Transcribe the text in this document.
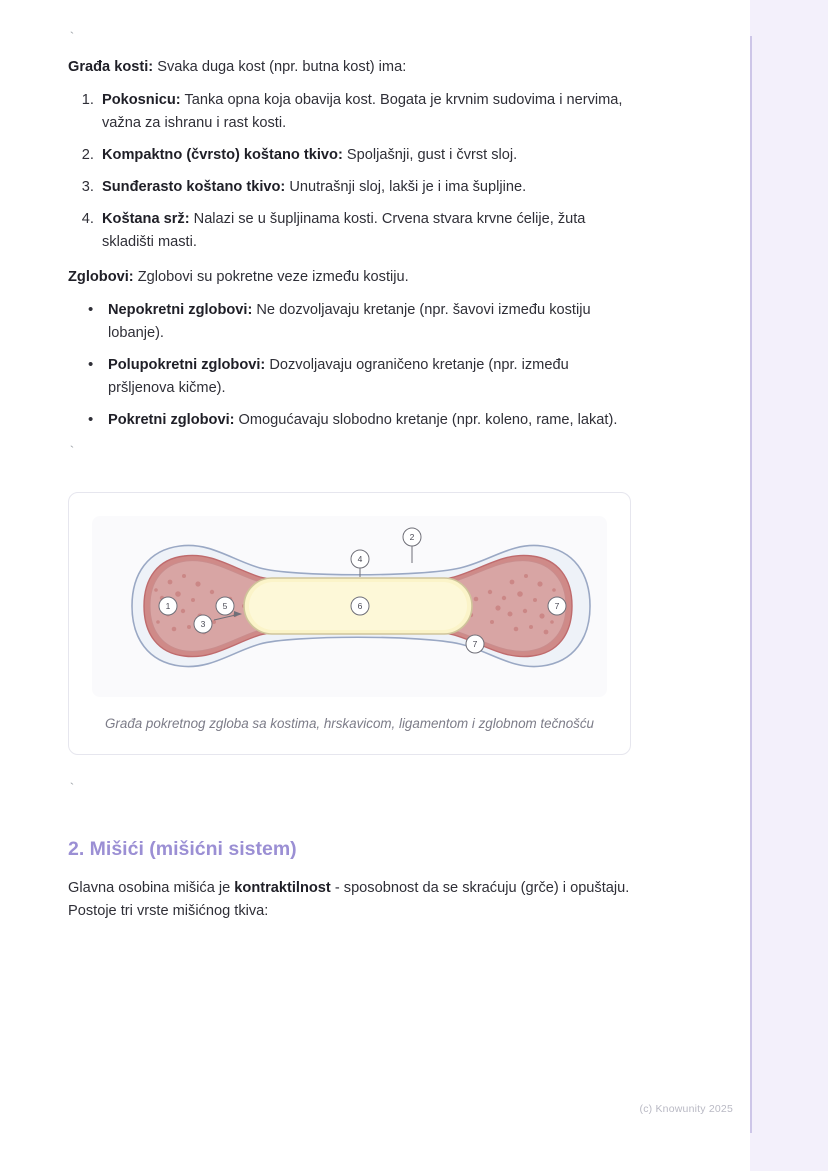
`

Građa kosti: Svaka duga kost (npr. butna kost) ima:

1. Pokosnicu: Tanka opna koja obavija kost. Bogata je krvnim sudovima i nervima, važna za ishranu i rast kosti.
2. Kompaktno (čvrsto) koštano tkivo: Spoljašnji, gust i čvrst sloj.
3. Sunđerasto koštano tkivo: Unutrašnji sloj, lakši je i ima šupljine.
4. Koštana srž: Nalazi se u šupljinama kosti. Crvena stvara krvne ćelije, žuta skladišti masti.

Zglobovi: Zglobovi su pokretne veze između kostiju.

• Nepokretni zglobovi: Ne dozvoljavaju kretanje (npr. šavovi između kostiju lobanje).
• Polupokretni zglobovi: Dozvoljavaju ograničeno kretanje (npr. između pršljenova kičme).
• Pokretni zglobovi: Omogućavaju slobodno kretanje (npr. koleno, rame, lakat).
`
1
2
3
4
5	6	7
7
Građa pokretnog zgloba sa kostima, hrskavicom, ligamentom i zglobnom tečnošću
`
2. Mišići (mišićni sistem)

Glavna osobina mišića je kontraktilnost - sposobnost da se skraćuju (grče) i opuštaju. Postoje tri vrste mišićnog tkiva:

(c) Knowunity 2025
